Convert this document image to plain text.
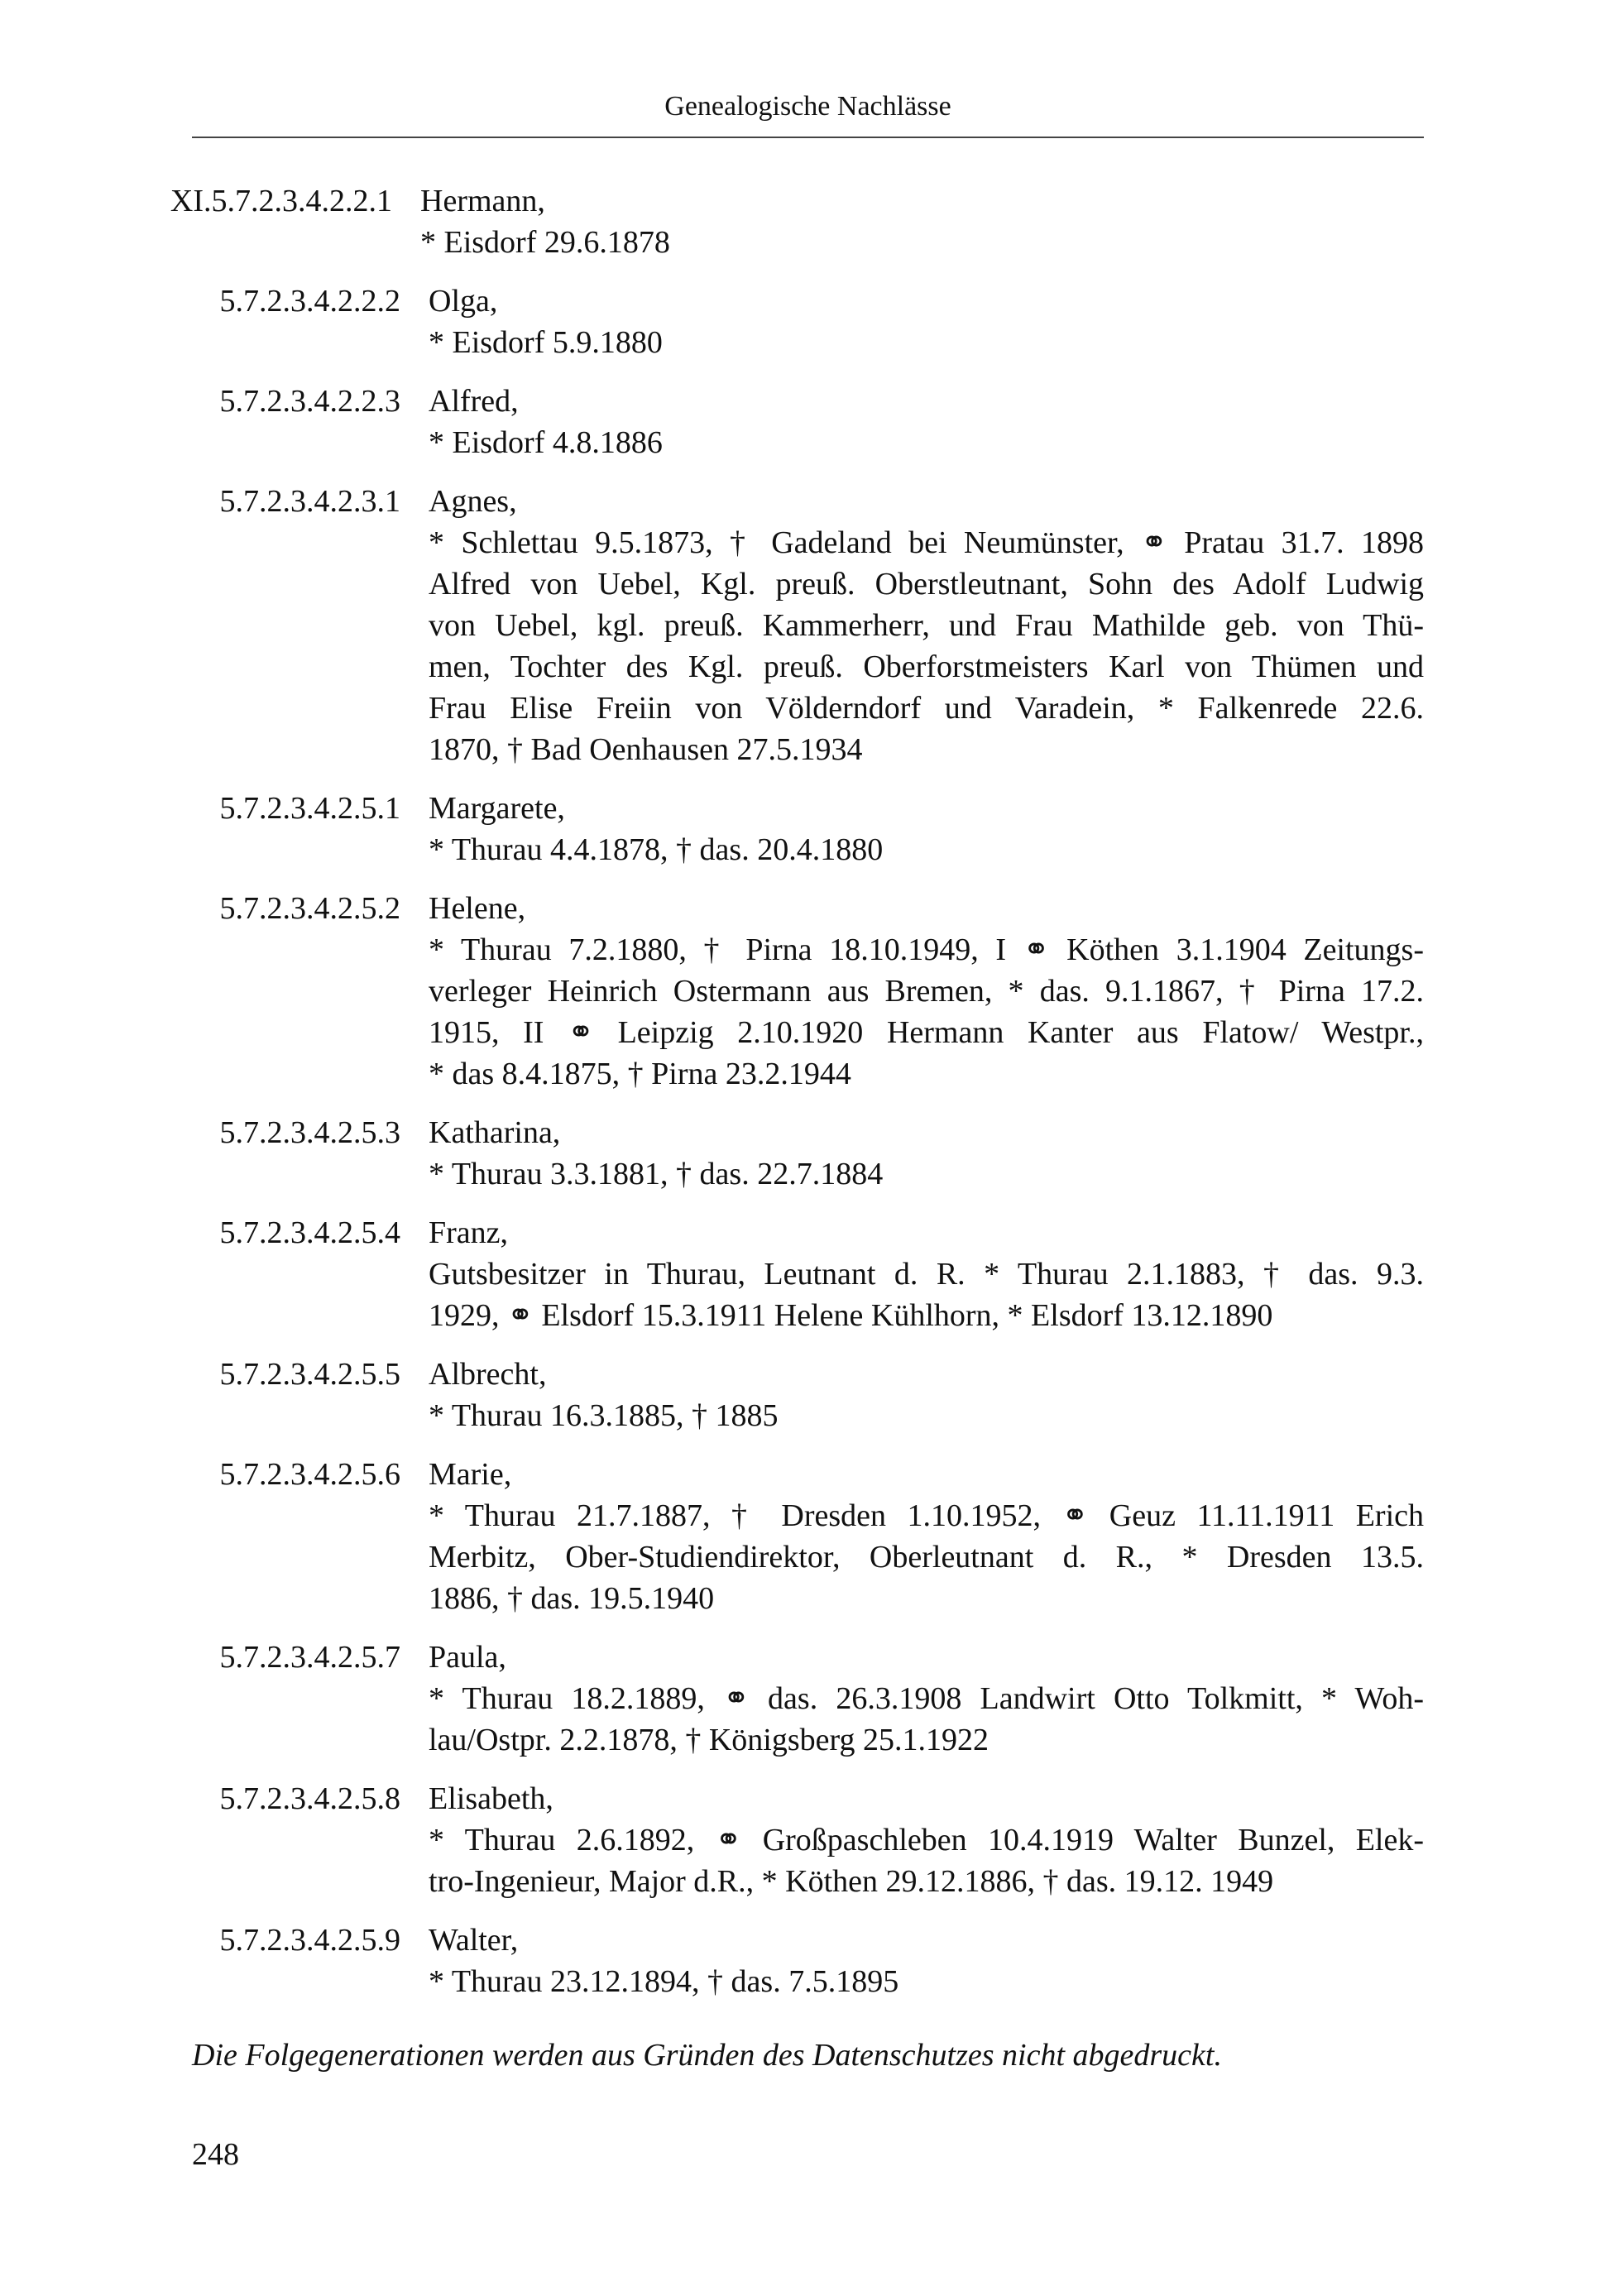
Genealogische Nachlässe
XI.5.7.2.3.4.2.2.1 Hermann,
* Eisdorf 29.6.1878
5.7.2.3.4.2.2.2 Olga,
* Eisdorf 5.9.1880
5.7.2.3.4.2.2.3 Alfred,
* Eisdorf 4.8.1886
5.7.2.3.4.2.3.1 Agnes,
* Schlettau 9.5.1873, † Gadeland bei Neumünster, ⚭ Pratau 31.7. 1898
Alfred von Uebel, Kgl. preuß. Oberstleutnant, Sohn des Adolf Ludwig
von Uebel, kgl. preuß. Kammerherr, und Frau Mathilde geb. von Thü-
men, Tochter des Kgl. preuß. Oberforstmeisters Karl von Thümen und
Frau Elise Freiin von Völderndorf und Varadein, * Falkenrede 22.6.
1870, † Bad Oenhausen 27.5.1934
5.7.2.3.4.2.5.1 Margarete,
* Thurau 4.4.1878, † das. 20.4.1880
5.7.2.3.4.2.5.2 Helene,
* Thurau 7.2.1880, † Pirna 18.10.1949, I ⚭ Köthen 3.1.1904 Zeitungs-
verleger Heinrich Ostermann aus Bremen, * das. 9.1.1867, † Pirna 17.2.
1915, II ⚭ Leipzig 2.10.1920 Hermann Kanter aus Flatow/ Westpr.,
* das 8.4.1875, † Pirna 23.2.1944
5.7.2.3.4.2.5.3 Katharina,
* Thurau 3.3.1881, † das. 22.7.1884
5.7.2.3.4.2.5.4 Franz,
Gutsbesitzer in Thurau, Leutnant d. R. * Thurau 2.1.1883, † das. 9.3.
1929, ⚭ Elsdorf 15.3.1911 Helene Kühlhorn, * Elsdorf 13.12.1890
5.7.2.3.4.2.5.5 Albrecht,
* Thurau 16.3.1885, † 1885
5.7.2.3.4.2.5.6 Marie,
* Thurau 21.7.1887, † Dresden 1.10.1952, ⚭ Geuz 11.11.1911 Erich
Merbitz, Ober-Studiendirektor, Oberleutnant d. R., * Dresden 13.5.
1886, † das. 19.5.1940
5.7.2.3.4.2.5.7 Paula,
* Thurau 18.2.1889, ⚭ das. 26.3.1908 Landwirt Otto Tolkmitt, * Woh-
lau/Ostpr. 2.2.1878, † Königsberg 25.1.1922
5.7.2.3.4.2.5.8 Elisabeth,
* Thurau 2.6.1892, ⚭ Großpaschleben 10.4.1919 Walter Bunzel, Elek-
tro-Ingenieur, Major d.R., * Köthen 29.12.1886, † das. 19.12. 1949
5.7.2.3.4.2.5.9 Walter,
* Thurau 23.12.1894, † das. 7.5.1895
Die Folgegenerationen werden aus Gründen des Datenschutzes nicht abgedruckt.
248
